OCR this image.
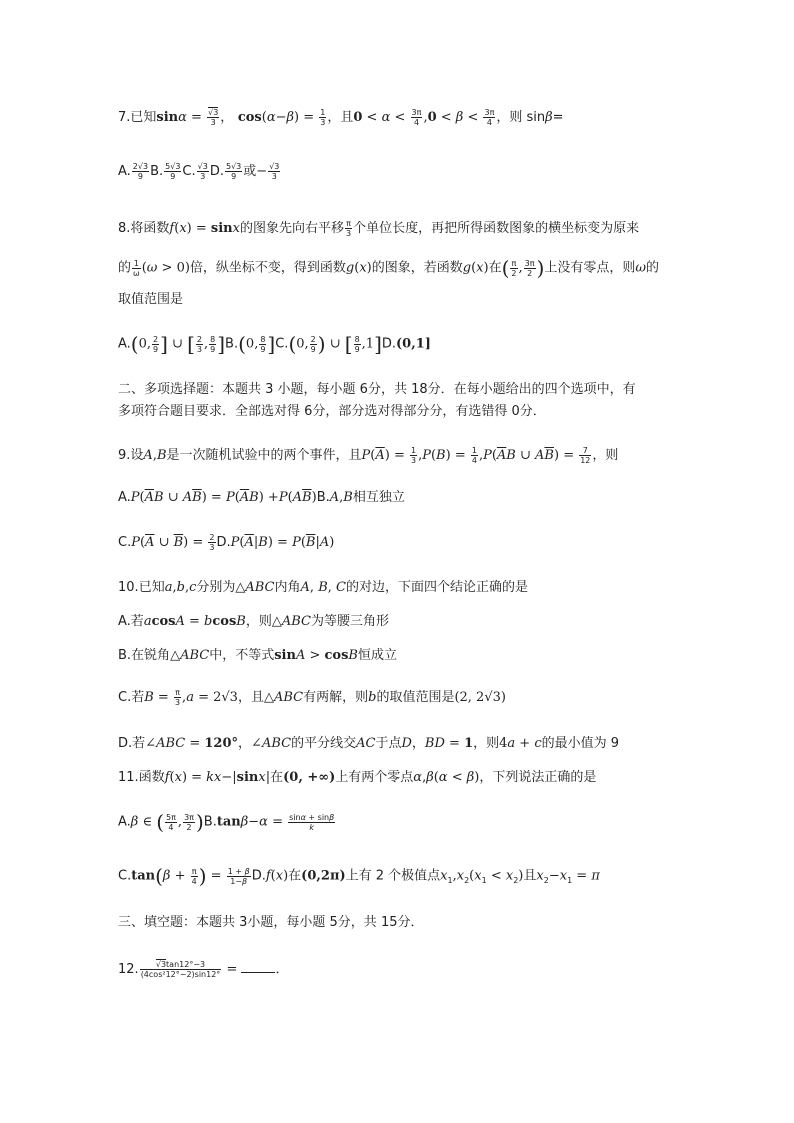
7.已知$\sin\alpha = \frac{√3}{3}$ ， $\cos(\alpha-\beta) = \frac{1}{3}$ ，且$0 < \alpha < \frac{3\pi}{4} ,0 < \beta < \frac{3\pi}{4}$ ，则 sinβ=
A. $\frac{2√3}{9} B$. $\frac{5√3}{9} C$. $\frac{√3}{3} D$. $\frac{5√3}{9}$ 或− $\frac{√3}{3}$
8.将函数f(x) = sinx的图象先向右平移 $\frac{\pi}{3}$ 个单位长度，再把所得函数图象的横坐标变为原来
的 $\frac{1}{\omega} (\omega > 0)$倍，纵坐标不变，得到函数g(x)的图象，若函数g(x)在( $\frac{\pi}{2}$ , $\frac{3\pi}{2}$ )上没有零点，则ω的
取值范围是
A.(0, $\frac{2}{9}$ ] ∪ [ $\frac{2}{3}$ , $\frac{8}{9} ]B.(0$, $\frac{8}{9} ]C.(0$, $\frac{2}{9}$ ) ∪ [ $\frac{8}{9} ,1]D.(0,1]$
二、多项选择题：本题共 3 小题，每小题 6分，共 18分．在每小题给出的四个选项中，有
多项符合题目要求．全部选对得 6分，部分选对得部分分，有选错得 0分．
9.设A,B是一次随机试验中的两个事件，且$P(\overline{A}) = \frac{1}{3} ,P(B) = \frac{1}{4} ,P(\overline{A}B$ ∪ $A\overline{B}) = \frac{7}{12}$ ，则
$A.P(\overline{A}B$ ∪ $A\overline{B}) = P(\overline{A}B) +P(A\overline{B})B.A,B$相互独立
$C.P(\overline{A}$ ∪ $\overline{B}) = \frac{2}{3} D.P(\overline{A}|B) = P(\overline{B}|A)$
10.已知a,b,c分别为△ABC内角A, B, C的对边，下面四个结论正确的是
A.若acosA = bcosB，则△ABC为等腰三角形
B.在锐角△ABC中，不等式sinA > cosB恒成立
C.若$B = \frac{\pi}{3} ,a = 2√3$，且△ABC有两解，则b的取值范围是(2, 2√3)
D.若∠ABC = 120°，∠ABC的平分线交AC于点D，BD = 1，则4a + c的最小值为 9
11.函数f(x) = kx−|sinx|在(0, +∞)上有两个零点α,β(α < β)，下列说法正确的是
A.β ∈ ( $\frac{5\pi}{4}$ , $\frac{3\pi}{2} )B.\tan\beta-\alpha = \frac{\sin\alpha + \sin\beta}{k}$
$C.\tan(\beta + \frac{\pi}{4}$ ) = $\frac{1 + \beta}{1-\beta} D.f(x)$在(0,2π)上有 2 个极值点$x_1,x_2(x_1 < x_2)$且$x_2-x_1 = \pi$
三、填空题：本题共 3小题，每小题 5分，共 15分．
12. $\frac{√3\tan 12^\circ-3}{\text{(4cos²12°−2)sin12°}}$ =	．
